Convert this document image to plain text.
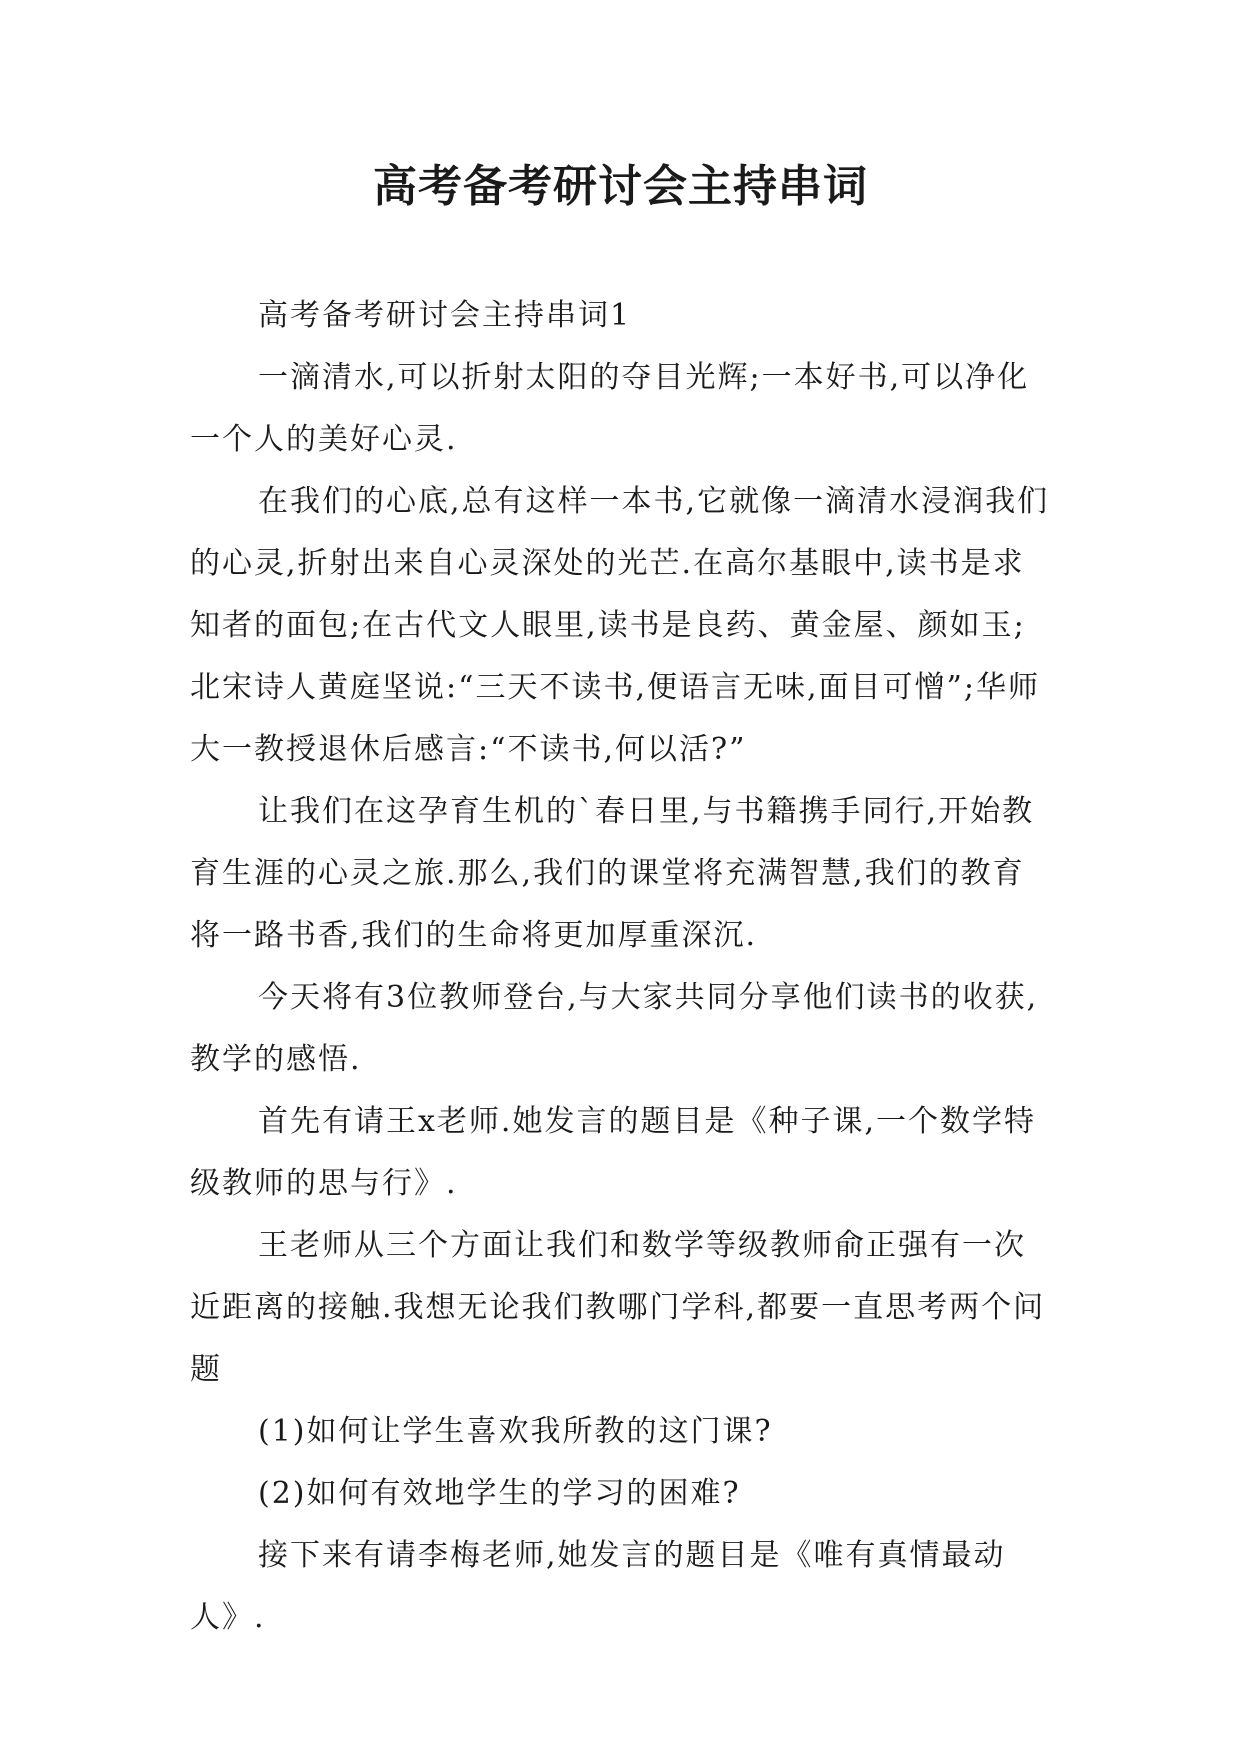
高考备考研讨会主持串词

高考备考研讨会主持串词1

一滴清水,可以折射太阳的夺目光辉;一本好书,可以净化一个人的美好心灵.

在我们的心底,总有这样一本书,它就像一滴清水浸润我们的心灵,折射出来自心灵深处的光芒.在高尔基眼中,读书是求知者的面包;在古代文人眼里,读书是良药、黄金屋、颜如玉;北宋诗人黄庭坚说:“三天不读书,便语言无味,面目可憎”;华师大一教授退休后感言:“不读书,何以活?”

让我们在这孕育生机的`春日里,与书籍携手同行,开始教育生涯的心灵之旅.那么,我们的课堂将充满智慧,我们的教育将一路书香,我们的生命将更加厚重深沉.

今天将有3位教师登台,与大家共同分享他们读书的收获,教学的感悟.

首先有请王x老师.她发言的题目是《种子课,一个数学特级教师的思与行》.

王老师从三个方面让我们和数学等级教师俞正强有一次近距离的接触.我想无论我们教哪门学科,都要一直思考两个问题

(1)如何让学生喜欢我所教的这门课?

(2)如何有效地学生的学习的困难?

接下来有请李梅老师,她发言的题目是《唯有真情最动人》.
